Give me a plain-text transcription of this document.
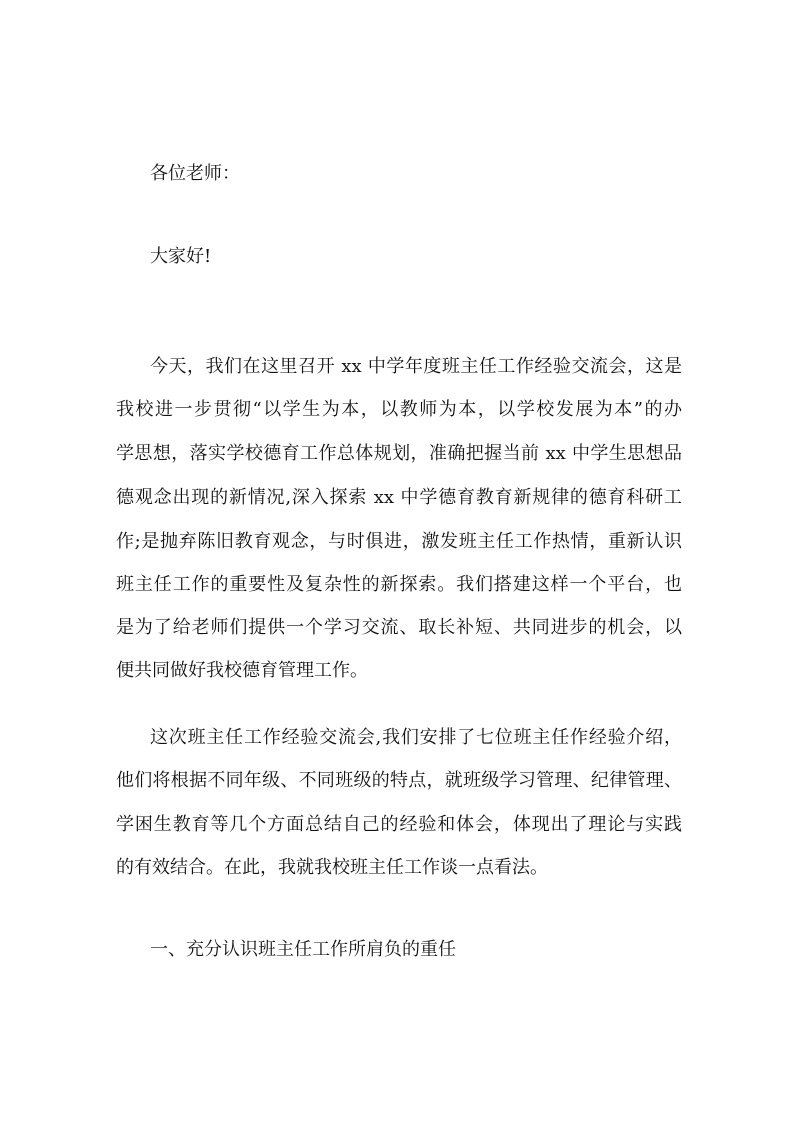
各位老师：
大家好!
今天，我们在这里召开 xx 中学年度班主任工作经验交流会，这是
我校进一步贯彻“以学生为本，以教师为本，以学校发展为本”的办
学思想，落实学校德育工作总体规划，准确把握当前 xx 中学生思想品
德观念出现的新情况,深入探索 xx 中学德育教育新规律的德育科研工
作;是抛弃陈旧教育观念，与时俱进，激发班主任工作热情，重新认识
班主任工作的重要性及复杂性的新探索。我们搭建这样一个平台，也
是为了给老师们提供一个学习交流、取长补短、共同进步的机会，以
便共同做好我校德育管理工作。
这次班主任工作经验交流会,我们安排了七位班主任作经验介绍，
他们将根据不同年级、不同班级的特点，就班级学习管理、纪律管理、
学困生教育等几个方面总结自己的经验和体会，体现出了理论与实践
的有效结合。在此，我就我校班主任工作谈一点看法。
一、充分认识班主任工作所肩负的重任
